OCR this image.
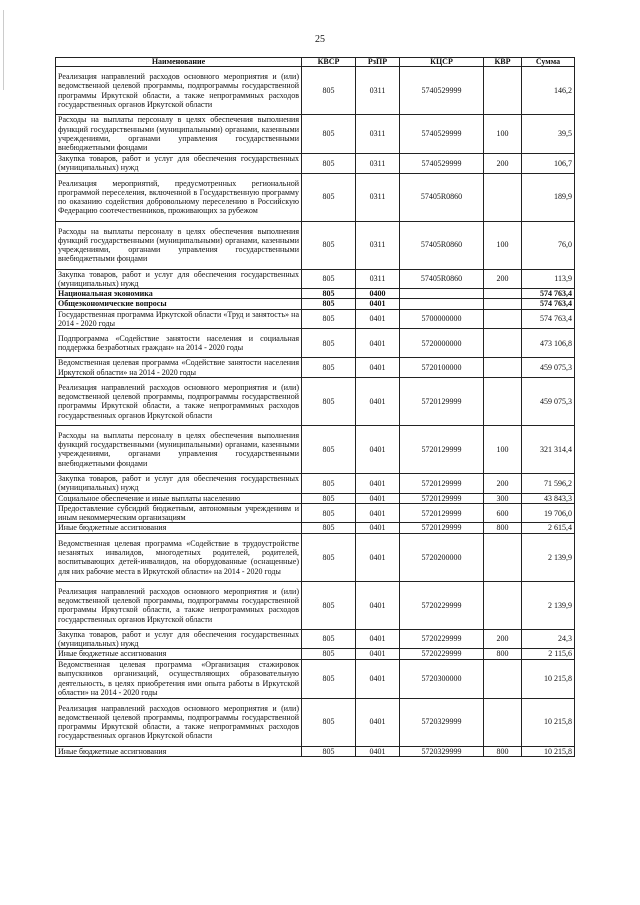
25
Наименование	КВСР	РзПР	КЦСР	КВР	Сумма
Реализация направлений расходов основного мероприятия и (или) ведомственной целевой программы, подпрограммы государственной программы Иркутской области, а также непрограммных расходов государственных органов Иркутской области	805	0311	5740529999		146,2
Расходы на выплаты персоналу в целях обеспечения выполнения функций государственными (муниципальными) органами, казенными учреждениями, органами управления государственными внебюджетными фондами	805	0311	5740529999	100	39,5
Закупка товаров, работ и услуг для обеспечения государственных (муниципальных) нужд	805	0311	5740529999	200	106,7
Реализация мероприятий, предусмотренных региональной программой переселения, включенной в Государственную программу по оказанию содействия добровольному переселению в Российскую Федерацию соотечественников, проживающих за рубежом	805	0311	57405R0860		189,9
Расходы на выплаты персоналу в целях обеспечения выполнения функций государственными (муниципальными) органами, казенными учреждениями, органами управления государственными внебюджетными фондами	805	0311	57405R0860	100	76,0
Закупка товаров, работ и услуг для обеспечения государственных (муниципальных) нужд	805	0311	57405R0860	200	113,9
Национальная экономика	805	0400			574 763,4
Общеэкономические вопросы	805	0401			574 763,4
Государственная программа Иркутской области «Труд и занятость» на 2014 - 2020 годы	805	0401	5700000000		574 763,4
Подпрограмма «Содействие занятости населения и социальная поддержка безработных граждан» на 2014 - 2020 годы	805	0401	5720000000		473 106,8
Ведомственная целевая программа «Содействие занятости населения Иркутской области» на 2014 - 2020 годы	805	0401	5720100000		459 075,3
Реализация направлений расходов основного мероприятия и (или) ведомственной целевой программы, подпрограммы государственной программы Иркутской области, а также непрограммных расходов государственных органов Иркутской области	805	0401	5720129999		459 075,3
Расходы на выплаты персоналу в целях обеспечения выполнения функций государственными (муниципальными) органами, казенными учреждениями, органами управления государственными внебюджетными фондами	805	0401	5720129999	100	321 314,4
Закупка товаров, работ и услуг для обеспечения государственных (муниципальных) нужд	805	0401	5720129999	200	71 596,2
Социальное обеспечение и иные выплаты населению	805	0401	5720129999	300	43 843,3
Предоставление субсидий бюджетным, автономным учреждениям и иным некоммерческим организациям	805	0401	5720129999	600	19 706,0
Иные бюджетные ассигнования	805	0401	5720129999	800	2 615,4
Ведомственная целевая программа «Содействие в трудоустройстве незанятых инвалидов, многодетных родителей, родителей, воспитывающих детей-инвалидов, на оборудованные (оснащенные) для них рабочие места в Иркутской области» на 2014 - 2020 годы	805	0401	5720200000		2 139,9
Реализация направлений расходов основного мероприятия и (или) ведомственной целевой программы, подпрограммы государственной программы Иркутской области, а также непрограммных расходов государственных органов Иркутской области	805	0401	5720229999		2 139,9
Закупка товаров, работ и услуг для обеспечения государственных (муниципальных) нужд	805	0401	5720229999	200	24,3
Иные бюджетные ассигнования	805	0401	5720229999	800	2 115,6
Ведомственная целевая программа «Организация стажировок выпускников организаций, осуществляющих образовательную деятельность, в целях приобретения ими опыта работы в Иркутской области» на 2014 - 2020 годы	805	0401	5720300000		10 215,8
Реализация направлений расходов основного мероприятия и (или) ведомственной целевой программы, подпрограммы государственной программы Иркутской области, а также непрограммных расходов государственных органов Иркутской области	805	0401	5720329999		10 215,8
Иные бюджетные ассигнования	805	0401	5720329999	800	10 215,8
